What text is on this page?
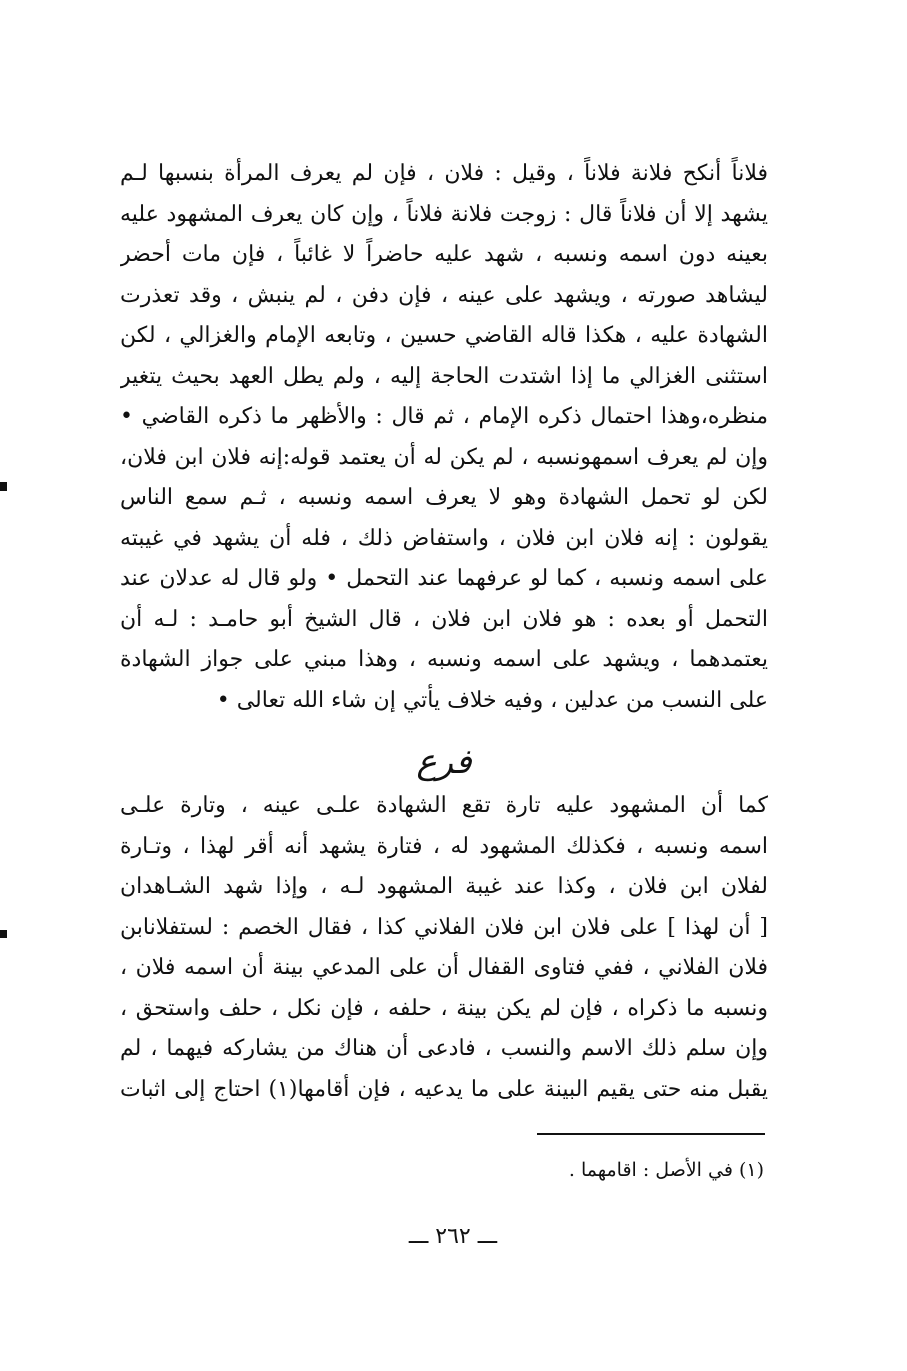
فلاناً أنكح فلانة فلاناً ، وقيل : فلان ، فإن لم يعرف المرأة بنسبها لـم
يشهد إلا أن فلاناً قال : زوجت فلانة فلاناً ، وإن كان يعرف المشهود عليه
بعينه دون اسمه ونسبه ، شهد عليه حاضراً لا غائباً ، فإن مات أحضر
ليشاهد صورته ، ويشهد على عينه ، فإن دفن ، لم ينبش ، وقد تعذرت
الشهادة عليه ، هكذا قاله القاضي حسين ، وتابعه الإمام والغزالي ، لكن
استثنى الغزالي ما إذا اشتدت الحاجة إليه ، ولم يطل العهد بحيث يتغير
منظره،وهذا احتمال ذكره الإمام ، ثم قال : والأظهر ما ذكره القاضي •
وإن لم يعرف اسمهونسبه ، لم يكن له أن يعتمد قوله:إنه فلان ابن فلان،
لكن لو تحمل الشهادة وهو لا يعرف اسمه ونسبه ، ثـم سمع الناس
يقولون : إنه فلان ابن فلان ، واستفاض ذلك ، فله أن يشهد في غيبته
على اسمه ونسبه ، كما لو عرفهما عند التحمل • ولو قال له عدلان عند
التحمل أو بعده : هو فلان ابن فلان ، قال الشيخ أبو حامـد : لـه أن
يعتمدهما ، ويشهد على اسمه ونسبه ، وهذا مبني على جواز الشهادة
على النسب من عدلين ، وفيه خلاف يأتي إن شاء الله تعالى •
فرع
كما أن المشهود عليه تارة تقع الشهادة علـى عينه ، وتارة علـى
اسمه ونسبه ، فكذلك المشهود له ، فتارة يشهد أنه أقر لهذا ، وتـارة
لفلان ابن فلان ، وكذا عند غيبة المشهود لـه ، وإذا شهد الشـاهدان
[ أن لهذا ] على فلان ابن فلان الفلاني كذا ، فقال الخصم : لستفلانابن
فلان الفلاني ، ففي فتاوى القفال أن على المدعي بينة أن اسمه فلان ،
ونسبه ما ذكراه ، فإن لم يكن بينة ، حلفه ، فإن نكل ، حلف واستحق ،
وإن سلم ذلك الاسم والنسب ، فادعى أن هناك من يشاركه فيهما ، لم
يقبل منه حتى يقيم البينة على ما يدعيه ، فإن أقامها(١) احتاج إلى اثبات
(١) في الأصل : اقامهما .
ـــ ٢٦٢ ـــ
